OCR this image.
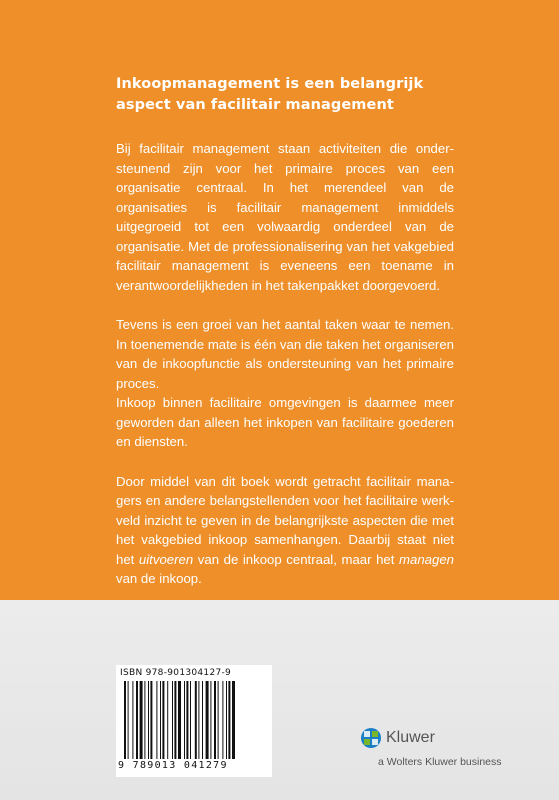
Inkoopmanagement is een belangrijk
aspect van facilitair management

Bij facilitair management staan activiteiten die ondersteunend zijn voor het primaire proces van een organisatie centraal. In het merendeel van de organisaties is facilitair management inmiddels uitgegroeid tot een volwaardig onderdeel van de organisatie. Met de professionalisering van het vakgebied facilitair management is eveneens een toename in verantwoordelijkheden in het takenpakket doorgevoerd.

Tevens is een groei van het aantal taken waar te nemen. In toenemende mate is één van die taken het organiseren van de inkoopfunctie als ondersteuning van het primaire proces.

Inkoop binnen facilitaire omgevingen is daarmee meer geworden dan alleen het inkopen van facilitaire goederen en diensten.

Door middel van dit boek wordt getracht facilitair managers en andere belangstellenden voor het facilitaire werkveld inzicht te geven in de belangrijkste aspecten die met het vakgebied inkoop samenhangen. Daarbij staat niet het uitvoeren van de inkoop centraal, maar het managen van de inkoop.

ISBN 978-901304127-9
9 789013 041279
Kluwer
a Wolters Kluwer business
